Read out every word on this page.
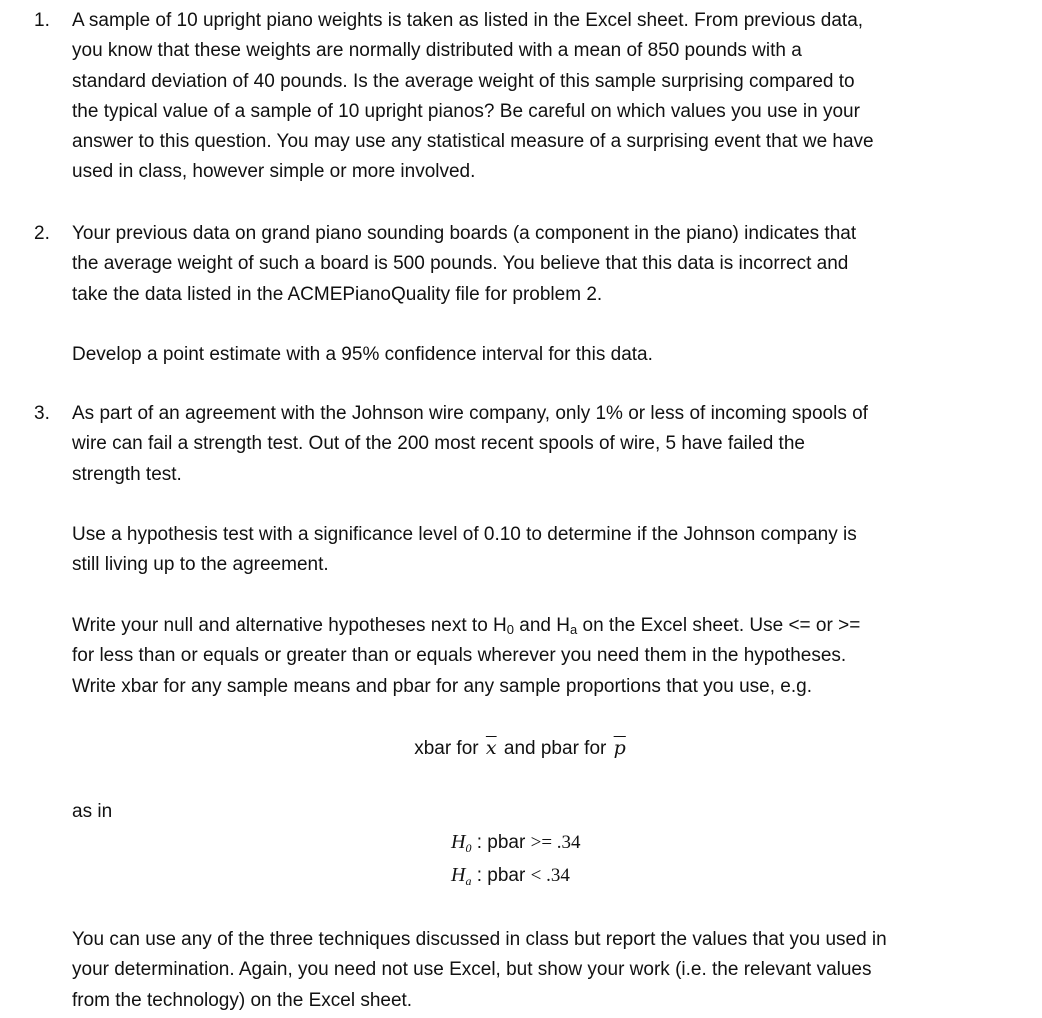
1. A sample of 10 upright piano weights is taken as listed in the Excel sheet. From previous data,
you know that these weights are normally distributed with a mean of 850 pounds with a
standard deviation of 40 pounds. Is the average weight of this sample surprising compared to
the typical value of a sample of 10 upright pianos? Be careful on which values you use in your
answer to this question. You may use any statistical measure of a surprising event that we have
used in class, however simple or more involved.
2. Your previous data on grand piano sounding boards (a component in the piano) indicates that
the average weight of such a board is 500 pounds. You believe that this data is incorrect and
take the data listed in the ACMEPianoQuality file for problem 2.
Develop a point estimate with a 95% confidence interval for this data.
3. As part of an agreement with the Johnson wire company, only 1% or less of incoming spools of
wire can fail a strength test. Out of the 200 most recent spools of wire, 5 have failed the
strength test.
Use a hypothesis test with a significance level of 0.10 to determine if the Johnson company is
still living up to the agreement.
Write your null and alternative hypotheses next to $H_0$ and $H_a$ on the Excel sheet. Use <= or >=
for less than or equals or greater than or equals wherever you need them in the hypotheses.
Write xbar for any sample means and pbar for any sample proportions that you use, e.g.
xbar for $\overline{x}$ and pbar for $\overline{p}$
as in
$H_0$ : pbar >= .34
$H_a$ : pbar < .34
You can use any of the three techniques discussed in class but report the values that you used in
your determination. Again, you need not use Excel, but show your work (i.e. the relevant values
from the technology) on the Excel sheet.
